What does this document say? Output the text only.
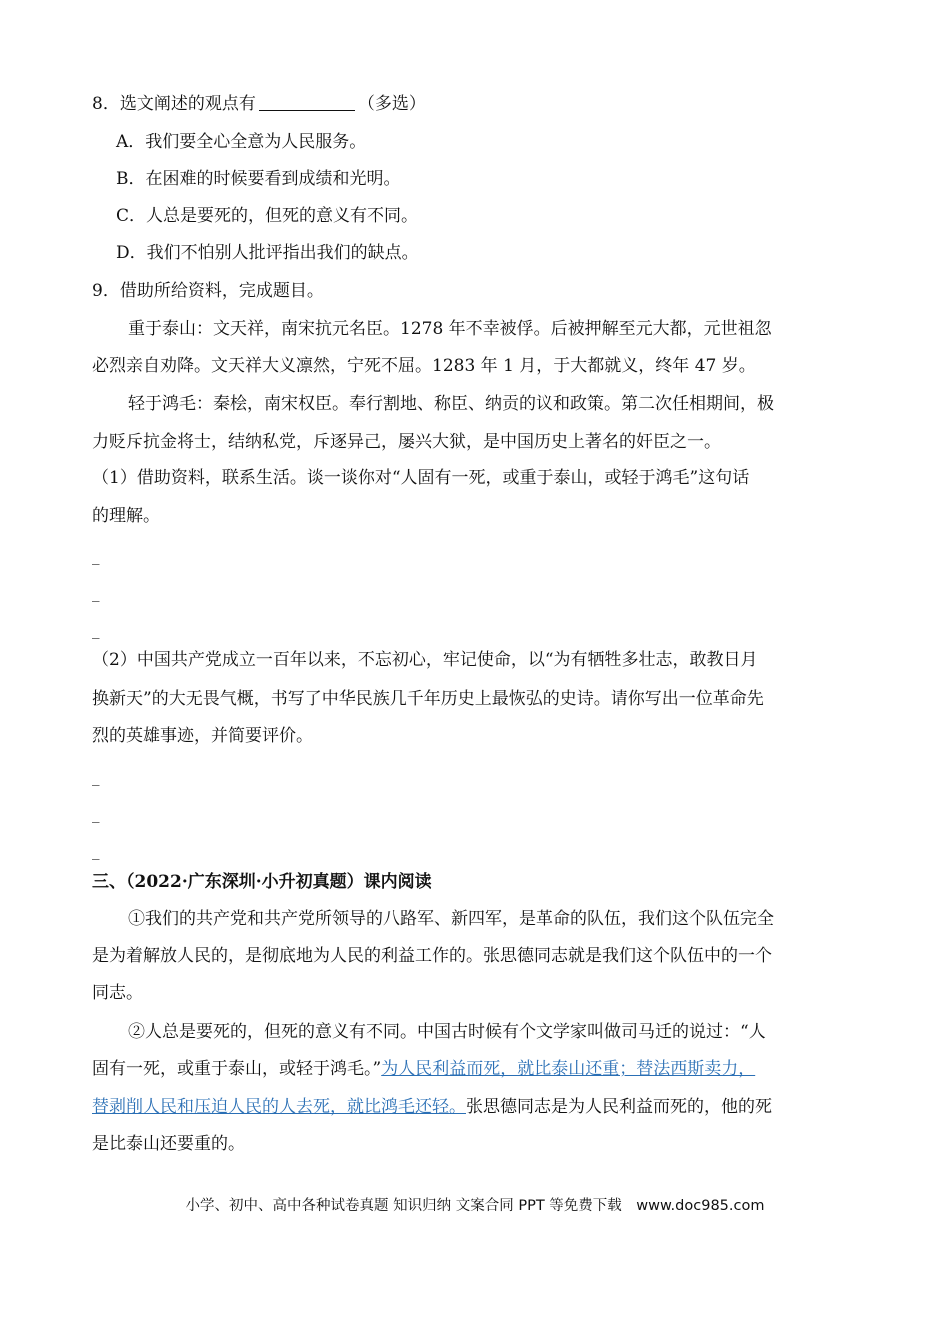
8．选文阐述的观点有	（多选）
A．我们要全心全意为人民服务。
B．在困难的时候要看到成绩和光明。
C．人总是要死的，但死的意义有不同。
D．我们不怕别人批评指出我们的缺点。
9．借助所给资料，完成题目。
重于泰山：文天祥，南宋抗元名臣。1278 年不幸被俘。后被押解至元大都，元世祖忽
必烈亲自劝降。文天祥大义凛然，宁死不屈。1283 年 1 月，于大都就义，终年 47 岁。
轻于鸿毛：秦桧，南宋权臣。奉行割地、称臣、纳贡的议和政策。第二次任相期间，极
力贬斥抗金将士，结纳私党，斥逐异己，屡兴大狱，是中国历史上著名的奸臣之一。
（1）借助资料，联系生活。谈一谈你对“人固有一死，或重于泰山，或轻于鸿毛”这句话
的理解。
_
_
_
（2）中国共产党成立一百年以来，不忘初心，牢记使命，以“为有牺牲多壮志，敢教日月
换新天”的大无畏气概，书写了中华民族几千年历史上最恢弘的史诗。请你写出一位革命先
烈的英雄事迹，并简要评价。
_
_
_
三、（2022·广东深圳·小升初真题）课内阅读
①我们的共产党和共产党所领导的八路军、新四军，是革命的队伍，我们这个队伍完全
是为着解放人民的，是彻底地为人民的利益工作的。张思德同志就是我们这个队伍中的一个
同志。
②人总是要死的，但死的意义有不同。中国古时候有个文学家叫做司马迁的说过：“人
固有一死，或重于泰山，或轻于鸿毛。”为人民利益而死，就比泰山还重；替法西斯卖力，
替剥削人民和压迫人民的人去死，就比鸿毛还轻。张思德同志是为人民利益而死的，他的死
是比泰山还要重的。
小学、初中、高中各种试卷真题 知识归纳 文案合同 PPT 等免费下载　www.doc985.com
